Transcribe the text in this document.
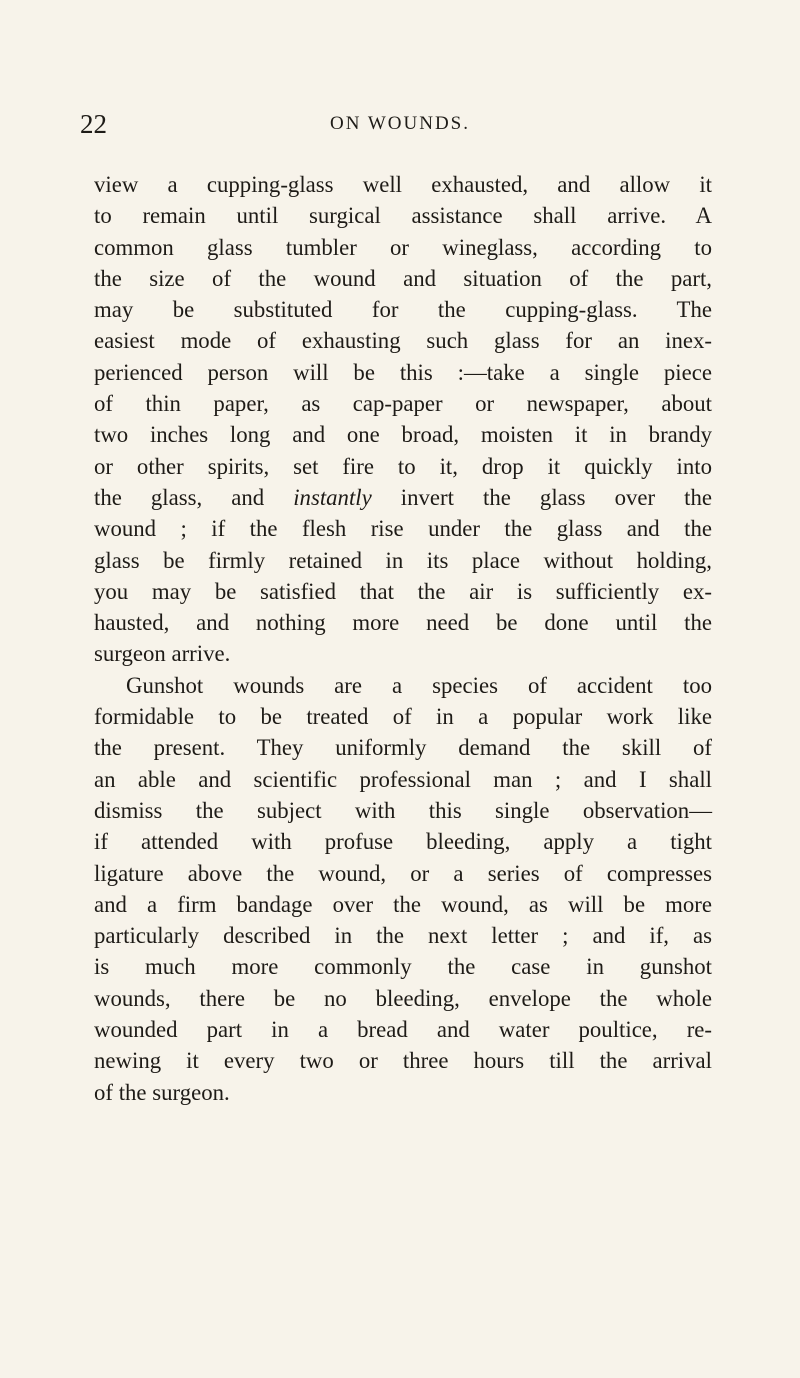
22	ON WOUNDS.
view a cupping-glass well exhausted, and allow it
to remain until surgical assistance shall arrive. A
common glass tumbler or wineglass, according to
the size of the wound and situation of the part,
may be substituted for the cupping-glass. The
easiest mode of exhausting such glass for an inex-
perienced person will be this :—take a single piece
of thin paper, as cap-paper or newspaper, about
two inches long and one broad, moisten it in brandy
or other spirits, set fire to it, drop it quickly into
the glass, and instantly invert the glass over the
wound ; if the flesh rise under the glass and the
glass be firmly retained in its place without holding,
you may be satisfied that the air is sufficiently ex-
hausted, and nothing more need be done until the
surgeon arrive.
Gunshot wounds are a species of accident too
formidable to be treated of in a popular work like
the present. They uniformly demand the skill of
an able and scientific professional man ; and I shall
dismiss the subject with this single observation—
if attended with profuse bleeding, apply a tight
ligature above the wound, or a series of compresses
and a firm bandage over the wound, as will be more
particularly described in the next letter ; and if, as
is much more commonly the case in gunshot
wounds, there be no bleeding, envelope the whole
wounded part in a bread and water poultice, re-
newing it every two or three hours till the arrival
of the surgeon.
